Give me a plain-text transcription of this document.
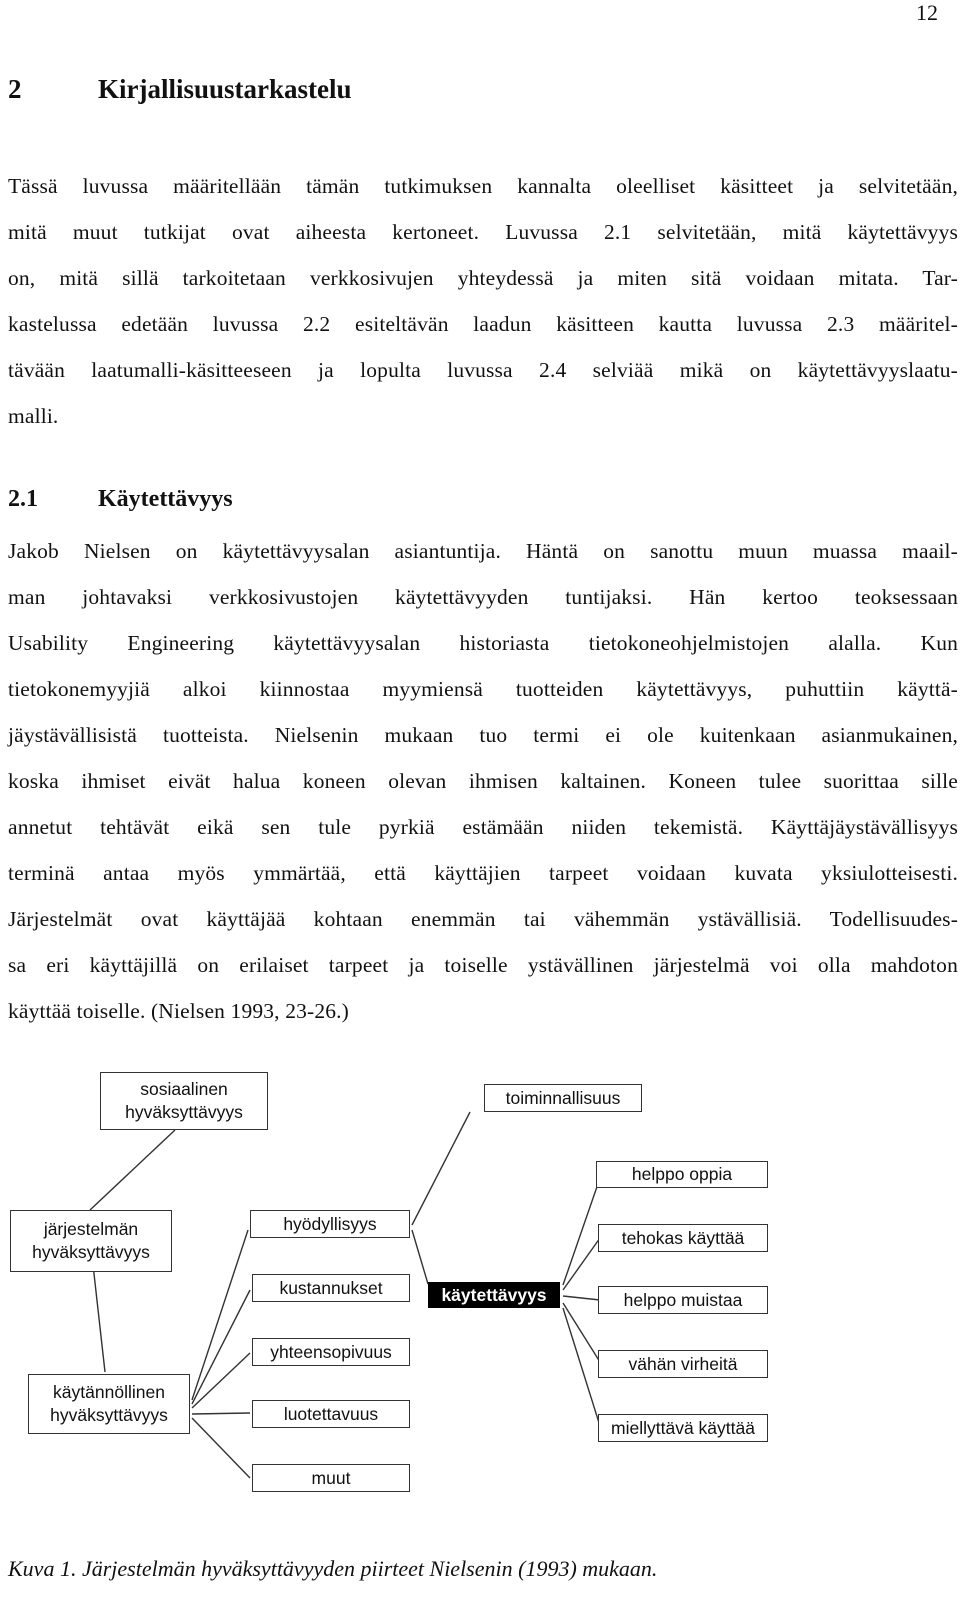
12
2	Kirjallisuustarkastelu
Tässä luvussa määritellään tämän tutkimuksen kannalta oleelliset käsitteet ja selvitetään,
mitä muut tutkijat ovat aiheesta kertoneet. Luvussa 2.1 selvitetään, mitä käytettävyys
on, mitä sillä tarkoitetaan verkkosivujen yhteydessä ja miten sitä voidaan mitata. Tar-
kastelussa edetään luvussa 2.2 esiteltävän laadun käsitteen kautta luvussa 2.3 määritel-
tävään laatumalli-käsitteeseen ja lopulta luvussa 2.4 selviää mikä on käytettävyyslaatu-
malli.
2.1	Käytettävyys
Jakob Nielsen on käytettävyysalan asiantuntija. Häntä on sanottu muun muassa maail-
man johtavaksi verkkosivustojen käytettävyyden tuntijaksi. Hän kertoo teoksessaan
Usability Engineering käytettävyysalan historiasta tietokoneohjelmistojen alalla. Kun
tietokonemyyjiä alkoi kiinnostaa myymiensä tuotteiden käytettävyys, puhuttiin käyttä-
jäystävällisistä tuotteista. Nielsenin mukaan tuo termi ei ole kuitenkaan asianmukainen,
koska ihmiset eivät halua koneen olevan ihmisen kaltainen. Koneen tulee suorittaa sille
annetut tehtävät eikä sen tule pyrkiä estämään niiden tekemistä. Käyttäjäystävällisyys
terminä antaa myös ymmärtää, että käyttäjien tarpeet voidaan kuvata yksiulotteisesti.
Järjestelmät ovat käyttäjää kohtaan enemmän tai vähemmän ystävällisiä. Todellisuudes-
sa eri käyttäjillä on erilaiset tarpeet ja toiselle ystävällinen järjestelmä voi olla mahdoton
käyttää toiselle. (Nielsen 1993, 23-26.)
sosiaalinen
hyväksyttävyys
toiminnallisuus
helppo oppia
järjestelmän
hyväksyttävyys
hyödyllisyys
tehokas käyttää
kustannukset	käytettävyys	helppo muistaa
yhteensopivuus
vähän virheitä
käytännöllinen
hyväksyttävyys	luotettavuus
miellyttävä käyttää
muut

Kuva 1. Järjestelmän hyväksyttävyyden piirteet Nielsenin (1993) mukaan.
